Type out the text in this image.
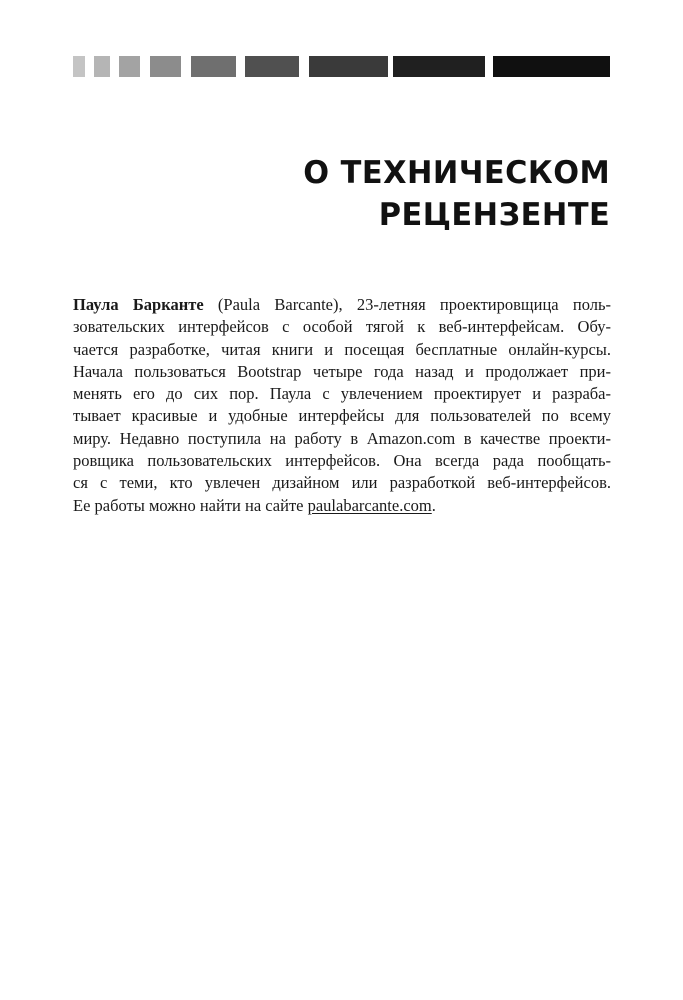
О ТЕХНИЧЕСКОМ
РЕЦЕНЗЕНТЕ
Паула Барканте (Paula Barcante), 23-летняя проектировщица поль-
зовательских интерфейсов с особой тягой к веб-интерфейсам. Обу-
чается разработке, читая книги и посещая бесплатные онлайн-курсы.
Начала пользоваться Bootstrap четыре года назад и продолжает при-
менять его до сих пор. Паула с увлечением проектирует и разраба-
тывает красивые и удобные интерфейсы для пользователей по всему
миру. Недавно поступила на работу в Amazon.com в качестве проекти-
ровщика пользовательских интерфейсов. Она всегда рада пообщать-
ся с теми, кто увлечен дизайном или разработкой веб-интерфейсов.
Ее работы можно найти на сайте paulabarcante.com.
